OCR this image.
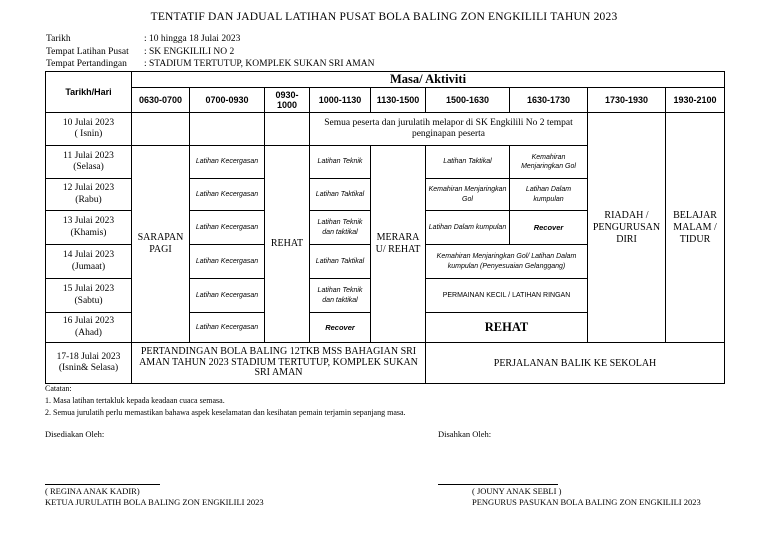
TENTATIF DAN JADUAL LATIHAN PUSAT BOLA BALING ZON ENGKILILI TAHUN 2023
Tarikh	: 10 hingga 18 Julai 2023
Tempat Latihan Pusat	: SK ENGKILILI NO 2
Tempat Pertandingan	: STADIUM TERTUTUP, KOMPLEK SUKAN SRI AMAN
Tarikh/Hari	Masa/ Aktiviti								
	0630-0700	0700-0930	0930-1000	1000-1130	1130-1500	1500-1630	1630-1730	1730-1930	1930-2100

10 Julai 2023
( Isnin)				Semua peserta dan jurulatih melapor di SK Engkilili No 2 tempat penginapan peserta				RIADAH / PENGURUSAN DIRI	BELAJAR MALAM / TIDUR

11 Julai 2023
(Selasa)	SARAPAN PAGI	Latihan Kecergasan	REHAT	Latihan Teknik	MERARA U/ REHAT	Latihan Taktikal	Kemahiran Menjaringkan Gol		

12 Julai 2023
(Rabu)		Latihan Kecergasan		Latihan Taktikal		Kemahiran Menjaringkan Gol	Latihan Dalam kumpulan		

13 Julai 2023
(Khamis)		Latihan Kecergasan		Latihan Teknik dan taktikal		Latihan Dalam kumpulan	Recover		

14 Julai 2023
(Jumaat)		Latihan Kecergasan		Latihan Taktikal		Kemahiran Menjaringkan Gol/ Latihan Dalam kumpulan (Penyesuaian Gelanggang)			

15 Julai 2023
(Sabtu)		Latihan Kecergasan		Latihan Teknik dan taktikal		PERMAINAN KECIL / LATIHAN RINGAN			

16 Julai 2023
(Ahad)		Latihan Kecergasan		Recover		REHAT			

17-18 Julai 2023
(Isnin& Selasa)	PERTANDINGAN BOLA BALING 12TKB MSS BAHAGIAN SRI AMAN TAHUN 2023 STADIUM TERTUTUP, KOMPLEK SUKAN SRI AMAN					PERJALANAN BALIK KE SEKOLAH			
Catatan:
1. Masa latihan tertakluk kepada keadaan cuaca semasa.
2. Semua jurulatih perlu memastikan bahawa aspek keselamatan dan kesihatan pemain terjamin sepanjang masa.
Disediakan Oleh:	Disahkan Oleh:
( REGINA ANAK KADIR)
KETUA JURULATIH BOLA BALING ZON ENGKILILI 2023
( JOUNY ANAK SEBLI )
PENGURUS PASUKAN BOLA BALING ZON ENGKILILI 2023
